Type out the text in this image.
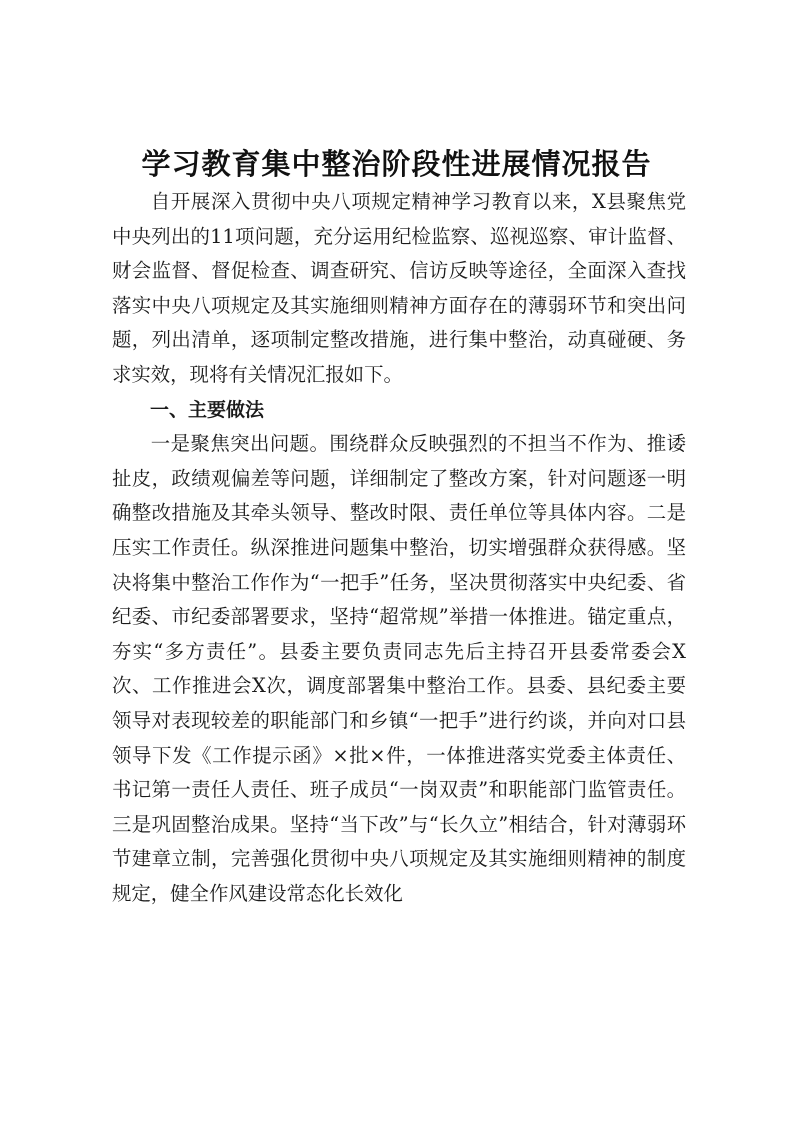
学习教育集中整治阶段性进展情况报告

自开展深入贯彻中央八项规定精神学习教育以来，X县聚焦党中央列出的11项问题，充分运用纪检监察、巡视巡察、审计监督、财会监督、督促检查、调查研究、信访反映等途径，全面深入查找落实中央八项规定及其实施细则精神方面存在的薄弱环节和突出问题，列出清单，逐项制定整改措施，进行集中整治，动真碰硬、务求实效，现将有关情况汇报如下。

一、主要做法

一是聚焦突出问题。围绕群众反映强烈的不担当不作为、推诿扯皮，政绩观偏差等问题，详细制定了整改方案，针对问题逐一明确整改措施及其牵头领导、整改时限、责任单位等具体内容。二是压实工作责任。纵深推进问题集中整治，切实增强群众获得感。坚决将集中整治工作作为“一把手”任务，坚决贯彻落实中央纪委、省纪委、市纪委部署要求，坚持“超常规”举措一体推进。锚定重点，夯实“多方责任”。县委主要负责同志先后主持召开县委常委会X次、工作推进会X次，调度部署集中整治工作。县委、县纪委主要领导对表现较差的职能部门和乡镇“一把手”进行约谈，并向对口县领导下发《工作提示函》×批×件，一体推进落实党委主体责任、书记第一责任人责任、班子成员“一岗双责”和职能部门监管责任。三是巩固整治成果。坚持“当下改”与“长久立”相结合，针对薄弱环节建章立制，完善强化贯彻中央八项规定及其实施细则精神的制度规定，健全作风建设常态化长效化
